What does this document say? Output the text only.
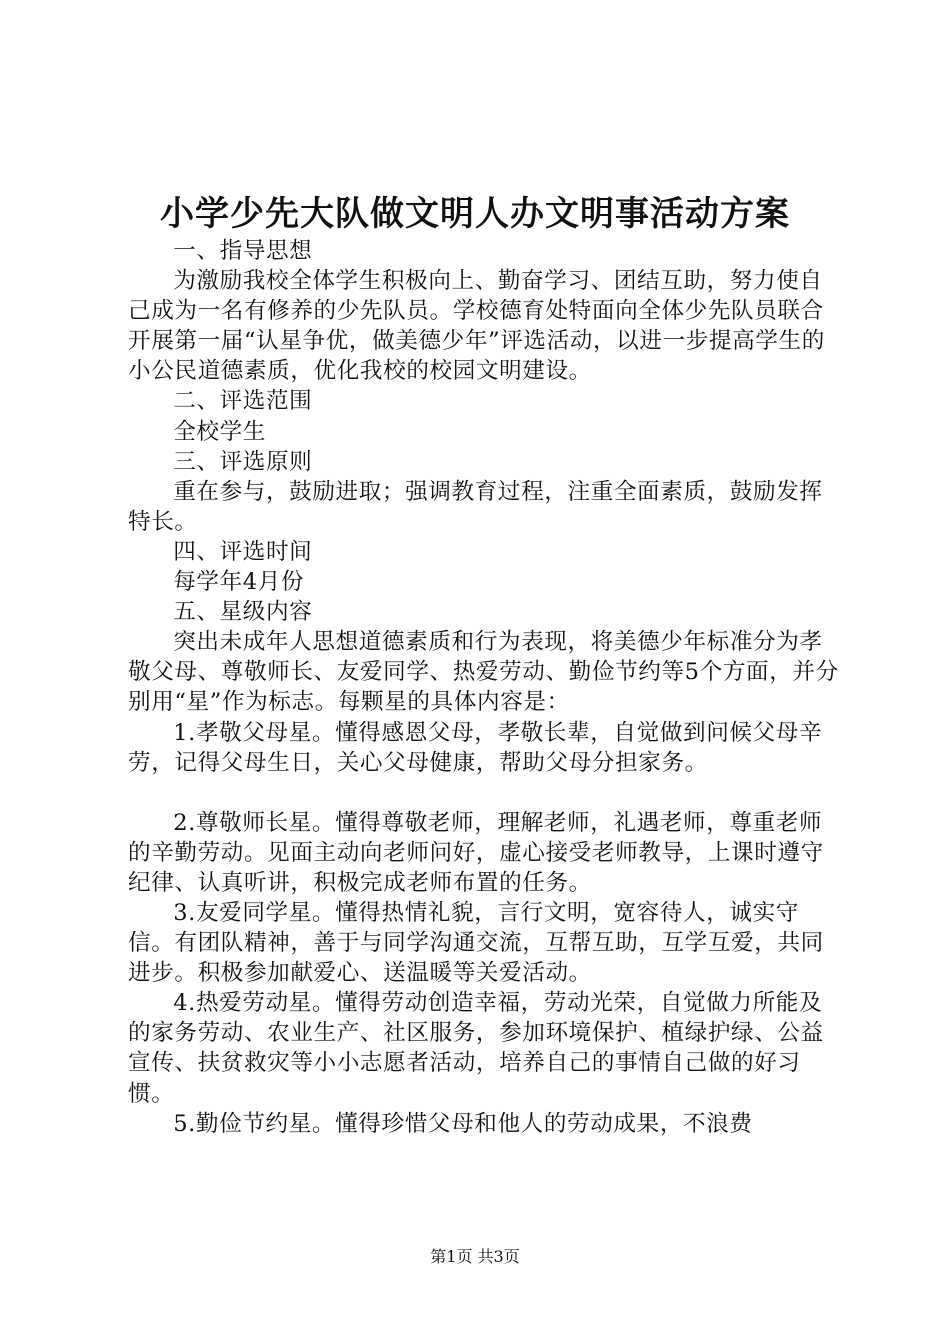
小学少先大队做文明人办文明事活动方案

一、指导思想

为激励我校全体学生积极向上、勤奋学习、团结互助，努力使自己成为一名有修养的少先队员。学校德育处特面向全体少先队员联合开展第一届“认星争优，做美德少年”评选活动，以进一步提高学生的小公民道德素质，优化我校的校园文明建设。

二、评选范围

全校学生

三、评选原则

重在参与，鼓励进取；强调教育过程，注重全面素质，鼓励发挥特长。

四、评选时间

每学年4月份

五、星级内容

突出未成年人思想道德素质和行为表现，将美德少年标准分为孝敬父母、尊敬师长、友爱同学、热爱劳动、勤俭节约等5个方面，并分别用“星”作为标志。每颗星的具体内容是：

1.孝敬父母星。懂得感恩父母，孝敬长辈，自觉做到问候父母辛劳，记得父母生日，关心父母健康，帮助父母分担家务。

2.尊敬师长星。懂得尊敬老师，理解老师，礼遇老师，尊重老师的辛勤劳动。见面主动向老师问好，虚心接受老师教导，上课时遵守纪律、认真听讲，积极完成老师布置的任务。

3.友爱同学星。懂得热情礼貌，言行文明，宽容待人，诚实守信。有团队精神，善于与同学沟通交流，互帮互助，互学互爱，共同进步。积极参加献爱心、送温暖等关爱活动。

4.热爱劳动星。懂得劳动创造幸福，劳动光荣，自觉做力所能及的家务劳动、农业生产、社区服务，参加环境保护、植绿护绿、公益宣传、扶贫救灾等小小志愿者活动，培养自己的事情自己做的好习惯。

5.勤俭节约星。懂得珍惜父母和他人的劳动成果，不浪费

第1页 共3页
